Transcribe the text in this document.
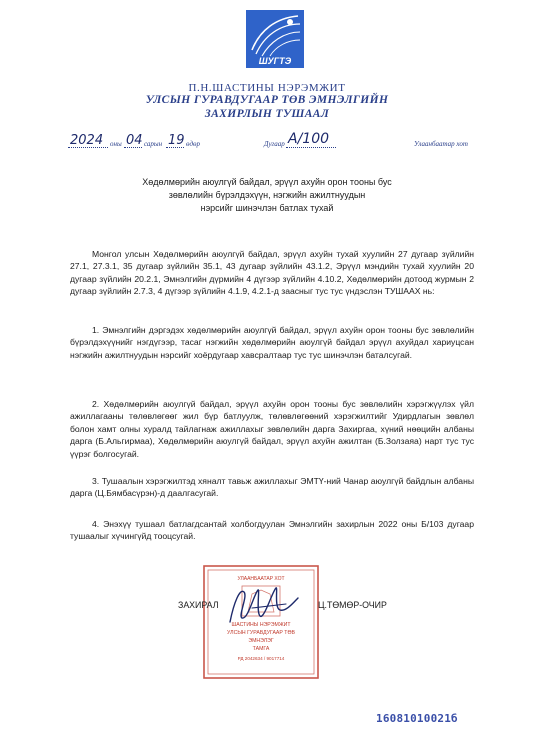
ШУГТЭ
П.Н.ШАСТИНЫ НЭРЭМЖИТ
УЛСЫН ГУРАВДУГААР ТӨВ ЭМНЭЛГИЙН
ЗАХИРЛЫН ТУШААЛ
2024 оны 04 сарын 19 өдөр	Дугаар А/100	Улаанбаатар хот
Хөдөлмөрийн аюулгүй байдал, эрүүл ахуйн орон тооны бус
зөвлөлийн бүрэлдэхүүн, нэгжийн ажилтнуудын
нэрсийг шинэчлэн батлах тухай
Монгол улсын Хөдөлмөрийн аюулгүй байдал, эрүүл ахуйн тухай хуулийн 27 дугаар зүйлийн 27.1, 27.3.1, 35 дугаар зүйлийн 35.1, 43 дугаар зүйлийн 43.1.2, Эрүүл мэндийн тухай хуулийн 20 дугаар зүйлийн 20.2.1, Эмнэлгийн дүрмийн 4 дүгээр зүйлийн 4.10.2, Хөдөлмөрийн дотоод журмын 2 дугаар зүйлийн 2.7.3, 4 дүгээр зүйлийн 4.1.9, 4.2.1-д заасныг тус тус үндэслэн ТУШААХ нь:
1. Эмнэлгийн дэргэдэх хөдөлмөрийн аюулгүй байдал, эрүүл ахуйн орон тооны бус зөвлөлийн бүрэлдэхүүнийг нэгдүгээр, тасаг нэгжийн хөдөлмөрийн аюулгүй байдал эрүүл ахуйдал хариуцсан нэгжийн ажилтнуудын нэрсийг хоёрдугаар хавсралтаар тус тус шинэчлэн баталсугай.
2. Хөдөлмөрийн аюулгүй байдал, эрүүл ахуйн орон тооны бус зөвлөлийн хэрэгжүүлэх үйл ажиллагааны төлөвлөгөөг жил бүр батлуулж, төлөвлөгөөний хэрэгжилтийг Удирдлагын зөвлөл болон хамт олны хуралд тайлагнаж ажиллахыг зөвлөлийн дарга Захиргаа, хүний нөөцийн албаны дарга (Б.Альгирмаа), Хөдөлмөрийн аюулгүй байдал, эрүүл ахуйн ажилтан (Б.Золзаяа) нарт тус тус үүрэг болгосугай.
3. Тушаалын хэрэгжилтэд хяналт тавьж ажиллахыг ЭМТҮ-ний Чанар аюулгүй байдлын албаны дарга (Ц.Бямбасүрэн)-д даалгасугай.
4. Энэхүү тушаал батлагдсантай холбогдуулан Эмнэлгийн захирлын 2022 оны Б/103 дугаар тушаалыг хүчингүйд тооцсугай.
УЛААНБААТАР ХОТ
ШАСТИНЫ НЭРЭМЖИТ
УЛСЫН ГУРАВДУГААР ТӨВ
ЭМНЭЛЭГ
ТАМГА
РД 2042634 / 9017714
ЗАХИРАЛ	Ц.ТӨМӨР-ОЧИР
16081010021б
